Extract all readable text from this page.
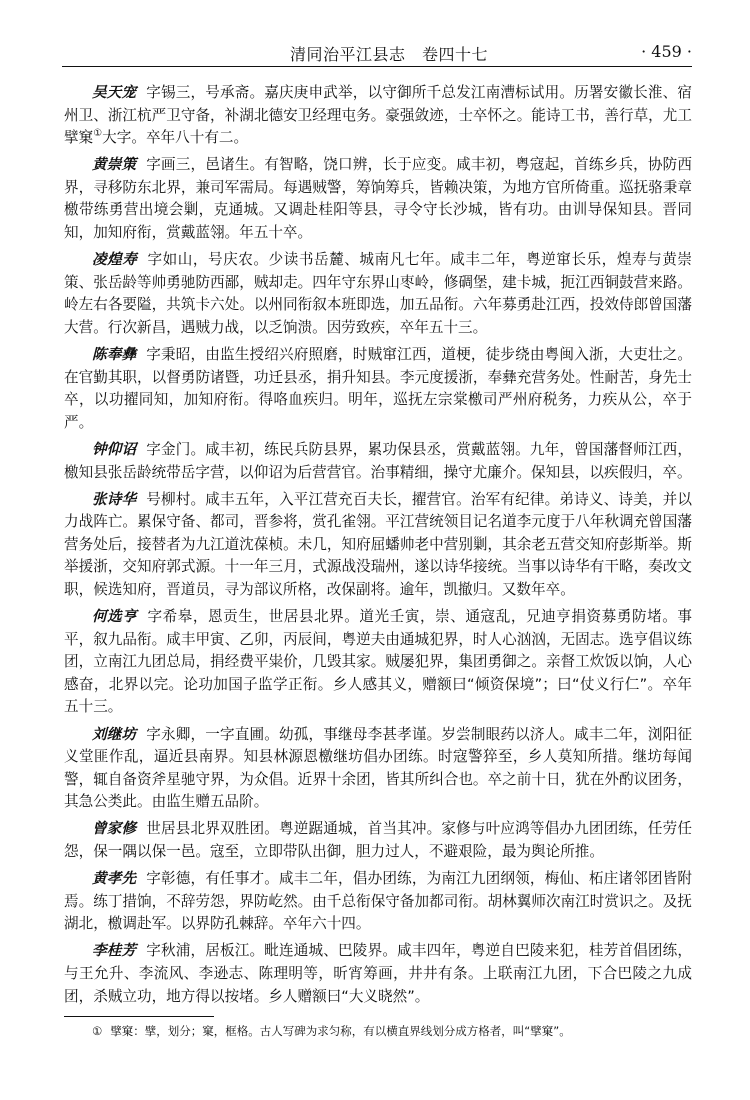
清同治平江县志　卷四十七	· 459 ·

吴天宠 字锡三，号承斋。嘉庆庚申武举，以守御所千总发江南漕标试用。历署安徽长淮、宿州卫、浙江杭严卫守备，补湖北德安卫经理屯务。豪强敛迹，士卒怀之。能诗工书，善行草，尤工擘窠①大字。卒年八十有二。

黄崇策 字画三，邑诸生。有智略，饶口辨，长于应变。咸丰初，粤寇起，首练乡兵，协防西界，寻移防东北界，兼司军需局。每遇贼警，筹饷筹兵，皆赖决策，为地方官所倚重。巡抚骆秉章檄带练勇营出境会剿，克通城。又调赴桂阳等县，寻令守长沙城，皆有功。由训导保知县。晋同知，加知府衔，赏戴蓝翎。年五十卒。

凌煌寿 字如山，号庆农。少读书岳麓、城南凡七年。咸丰二年，粤逆窜长乐，煌寿与黄崇策、张岳龄等帅勇驰防西鄙，贼却走。四年守东界山枣岭，修碉堡，建卡城，扼江西铜鼓营来路。岭左右各要隘，共筑卡六处。以州同衔叙本班即选，加五品衔。六年募勇赴江西，投效侍郎曾国藩大营。行次新昌，遇贼力战，以乏饷溃。因劳致疾，卒年五十三。

陈奉彝 字秉昭，由监生授绍兴府照磨，时贼窜江西，道梗，徒步绕由粤闽入浙，大吏壮之。在官勤其职，以督勇防诸暨，功迁县丞，捐升知县。李元度援浙，奉彝充营务处。性耐苦，身先士卒，以功擢同知，加知府衔。得咯血疾归。明年，巡抚左宗棠檄司严州府税务，力疾从公，卒于严。

钟仰诏 字金门。咸丰初，练民兵防县界，累功保县丞，赏戴蓝翎。九年，曾国藩督师江西，檄知县张岳龄统带岳字营，以仰诏为后营营官。治事精细，操守尤廉介。保知县，以疾假归，卒。

张诗华 号柳村。咸丰五年，入平江营充百夫长，擢营官。治军有纪律。弟诗义、诗美，并以力战阵亡。累保守备、都司，晋参将，赏孔雀翎。平江营统领目记名道李元度于八年秋调充曾国藩营务处后，接替者为九江道沈葆桢。未几，知府屈蟠帅老中营别剿，其余老五营交知府彭斯举。斯举援浙，交知府郭式源。十一年三月，式源战没瑞州，遂以诗华接统。当事以诗华有干略，奏改文职，候选知府，晋道员，寻为部议所格，改保副将。逾年，凯撤归。又数年卒。

何选亨 字希皋，恩贡生，世居县北界。道光壬寅，崇、通寇乱，兄迪亨捐资募勇防堵。事平，叙九品衔。咸丰甲寅、乙卯，丙辰间，粤逆夫由通城犯界，时人心汹汹，无固志。选亨倡议练团，立南江九团总局，捐经费平粜价，几毁其家。贼屡犯界，集团勇御之。亲督工炊饭以饷，人心感奋，北界以完。论功加国子监学正衔。乡人感其义，赠额曰“倾资保境”；曰“仗义行仁”。卒年五十三。

刘继坊 字永卿，一字直圃。幼孤，事继母李甚孝谨。岁尝制眼药以济人。咸丰二年，浏阳征义堂匪作乱，逼近县南界。知县林源恩檄继坊倡办团练。时寇警猝至，乡人莫知所措。继坊每闻警，辄自备资斧星驰守界，为众倡。近界十余团，皆其所纠合也。卒之前十日，犹在外酌议团务，其急公类此。由监生赠五品阶。

曾家修 世居县北界双胜团。粤逆踞通城，首当其冲。家修与叶应鸿等倡办九团团练，任劳任怨，保一隅以保一邑。寇至，立即带队出御，胆力过人，不避艰险，最为舆论所推。

黄孝先 字彰德，有任事才。咸丰二年，倡办团练，为南江九团纲领，梅仙、柘庄诸邻团皆附焉。练丁措饷，不辞劳怨，界防屹然。由千总衔保守备加都司衔。胡林翼师次南江时赏识之。及抚湖北，檄调赴军。以界防孔棘辞。卒年六十四。

李桂芳 字秋浦，居板江。毗连通城、巴陵界。咸丰四年，粤逆自巴陵来犯，桂芳首倡团练，与王允升、李流风、李逊志、陈理明等，昕宵筹画，井井有条。上联南江九团，下合巴陵之九成团，杀贼立功，地方得以按堵。乡人赠额曰“大义晓然”。

① 擘窠：擘，划分；窠，框格。古人写碑为求匀称，有以横直界线划分成方格者，叫“擘窠”。
